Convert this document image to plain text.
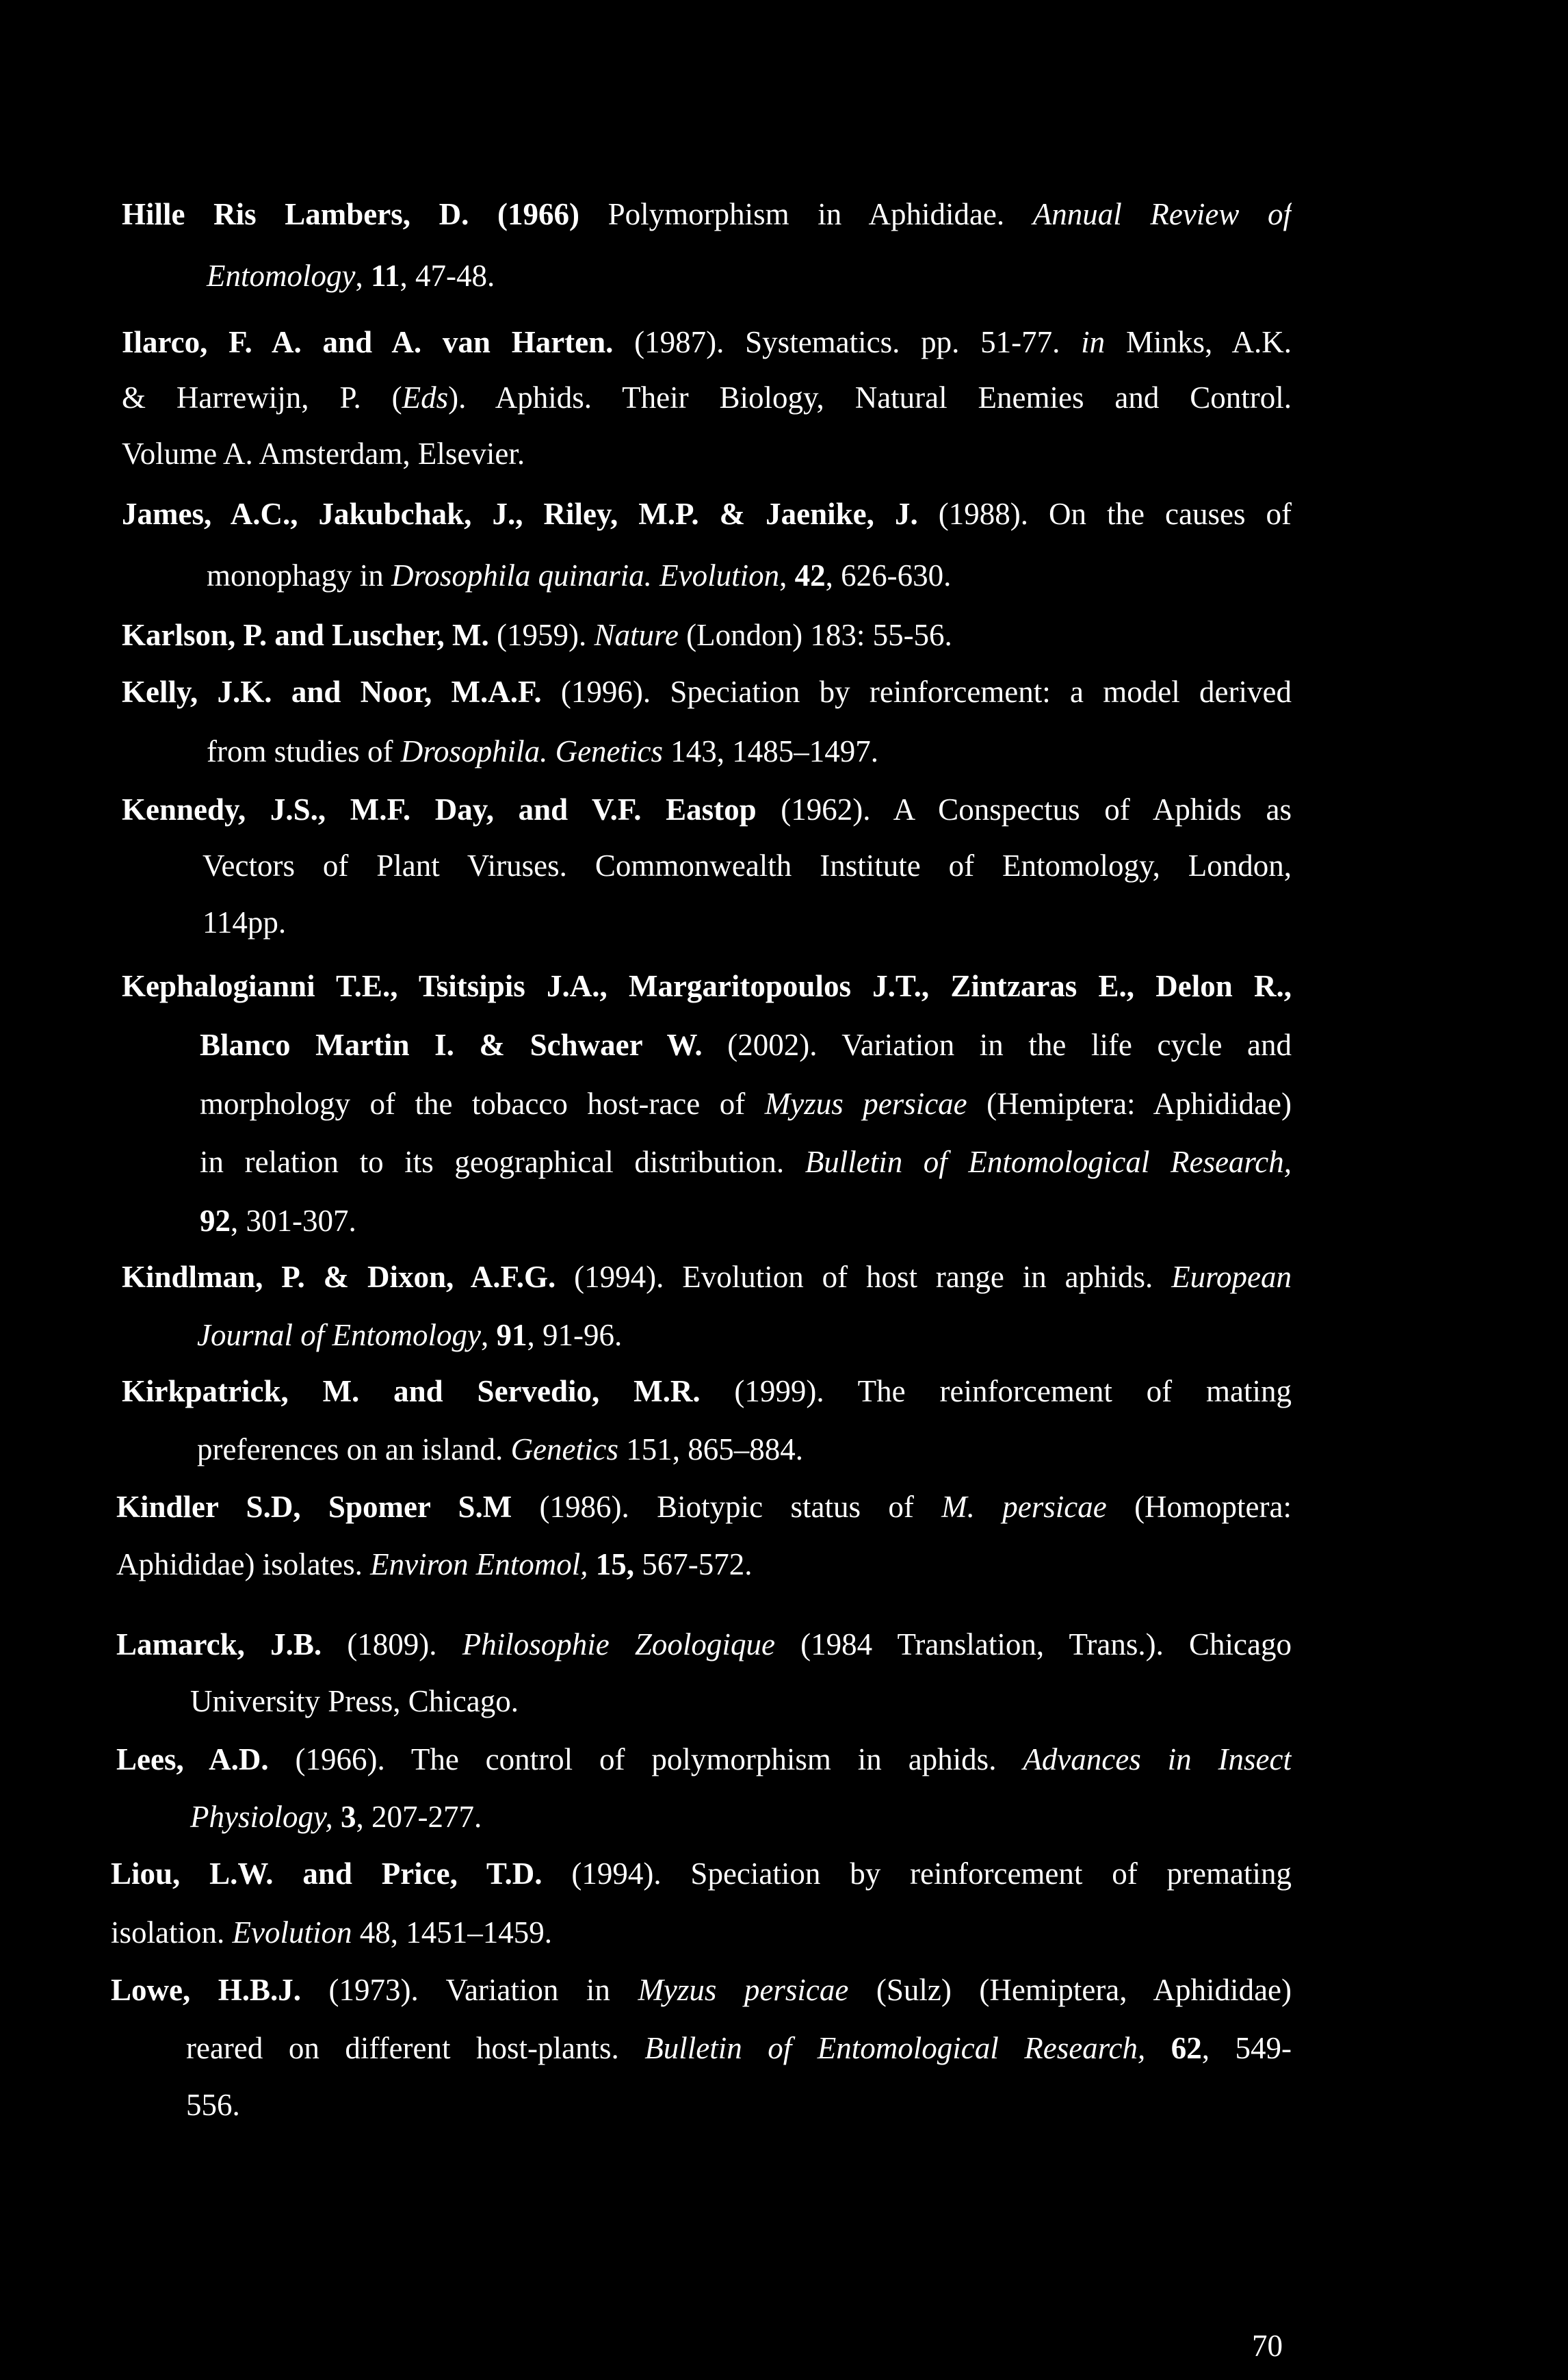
Hille Ris Lambers, D. (1966) Polymorphism in Aphididae. Annual Review of
Entomology, 11, 47-48.
Ilarco, F. A. and A. van Harten. (1987). Systematics. pp. 51-77. in Minks, A.K.
& Harrewijn, P. (Eds). Aphids. Their Biology, Natural Enemies and Control.
Volume A. Amsterdam, Elsevier.
James, A.C., Jakubchak, J., Riley, M.P. & Jaenike, J. (1988). On the causes of
monophagy in Drosophila quinaria. Evolution, 42, 626-630.
Karlson, P. and Luscher, M. (1959). Nature (London) 183: 55-56.
Kelly, J.K. and Noor, M.A.F. (1996). Speciation by reinforcement: a model derived
from studies of Drosophila. Genetics 143, 1485–1497.
Kennedy, J.S., M.F. Day, and V.F. Eastop (1962). A Conspectus of Aphids as
Vectors of Plant Viruses. Commonwealth Institute of Entomology, London,
114pp.
Kephalogianni T.E., Tsitsipis J.A., Margaritopoulos J.T., Zintzaras E., Delon R.,
Blanco Martin I. & Schwaer W. (2002). Variation in the life cycle and
morphology of the tobacco host-race of Myzus persicae (Hemiptera: Aphididae)
in relation to its geographical distribution. Bulletin of Entomological Research,
92, 301-307.
Kindlman, P. & Dixon, A.F.G. (1994). Evolution of host range in aphids. European
Journal of Entomology, 91, 91-96.
Kirkpatrick, M. and Servedio, M.R. (1999). The reinforcement of mating
preferences on an island. Genetics 151, 865–884.
Kindler S.D, Spomer S.M (1986). Biotypic status of M. persicae (Homoptera:
Aphididae) isolates. Environ Entomol, 15, 567-572.
Lamarck, J.B. (1809). Philosophie Zoologique (1984 Translation, Trans.). Chicago
University Press, Chicago.
Lees, A.D. (1966). The control of polymorphism in aphids. Advances in Insect
Physiology, 3, 207-277.
Liou, L.W. and Price, T.D. (1994). Speciation by reinforcement of premating
isolation. Evolution 48, 1451–1459.
Lowe, H.B.J. (1973). Variation in Myzus persicae (Sulz) (Hemiptera, Aphididae)
reared on different host-plants. Bulletin of Entomological Research, 62, 549-
556.
70
